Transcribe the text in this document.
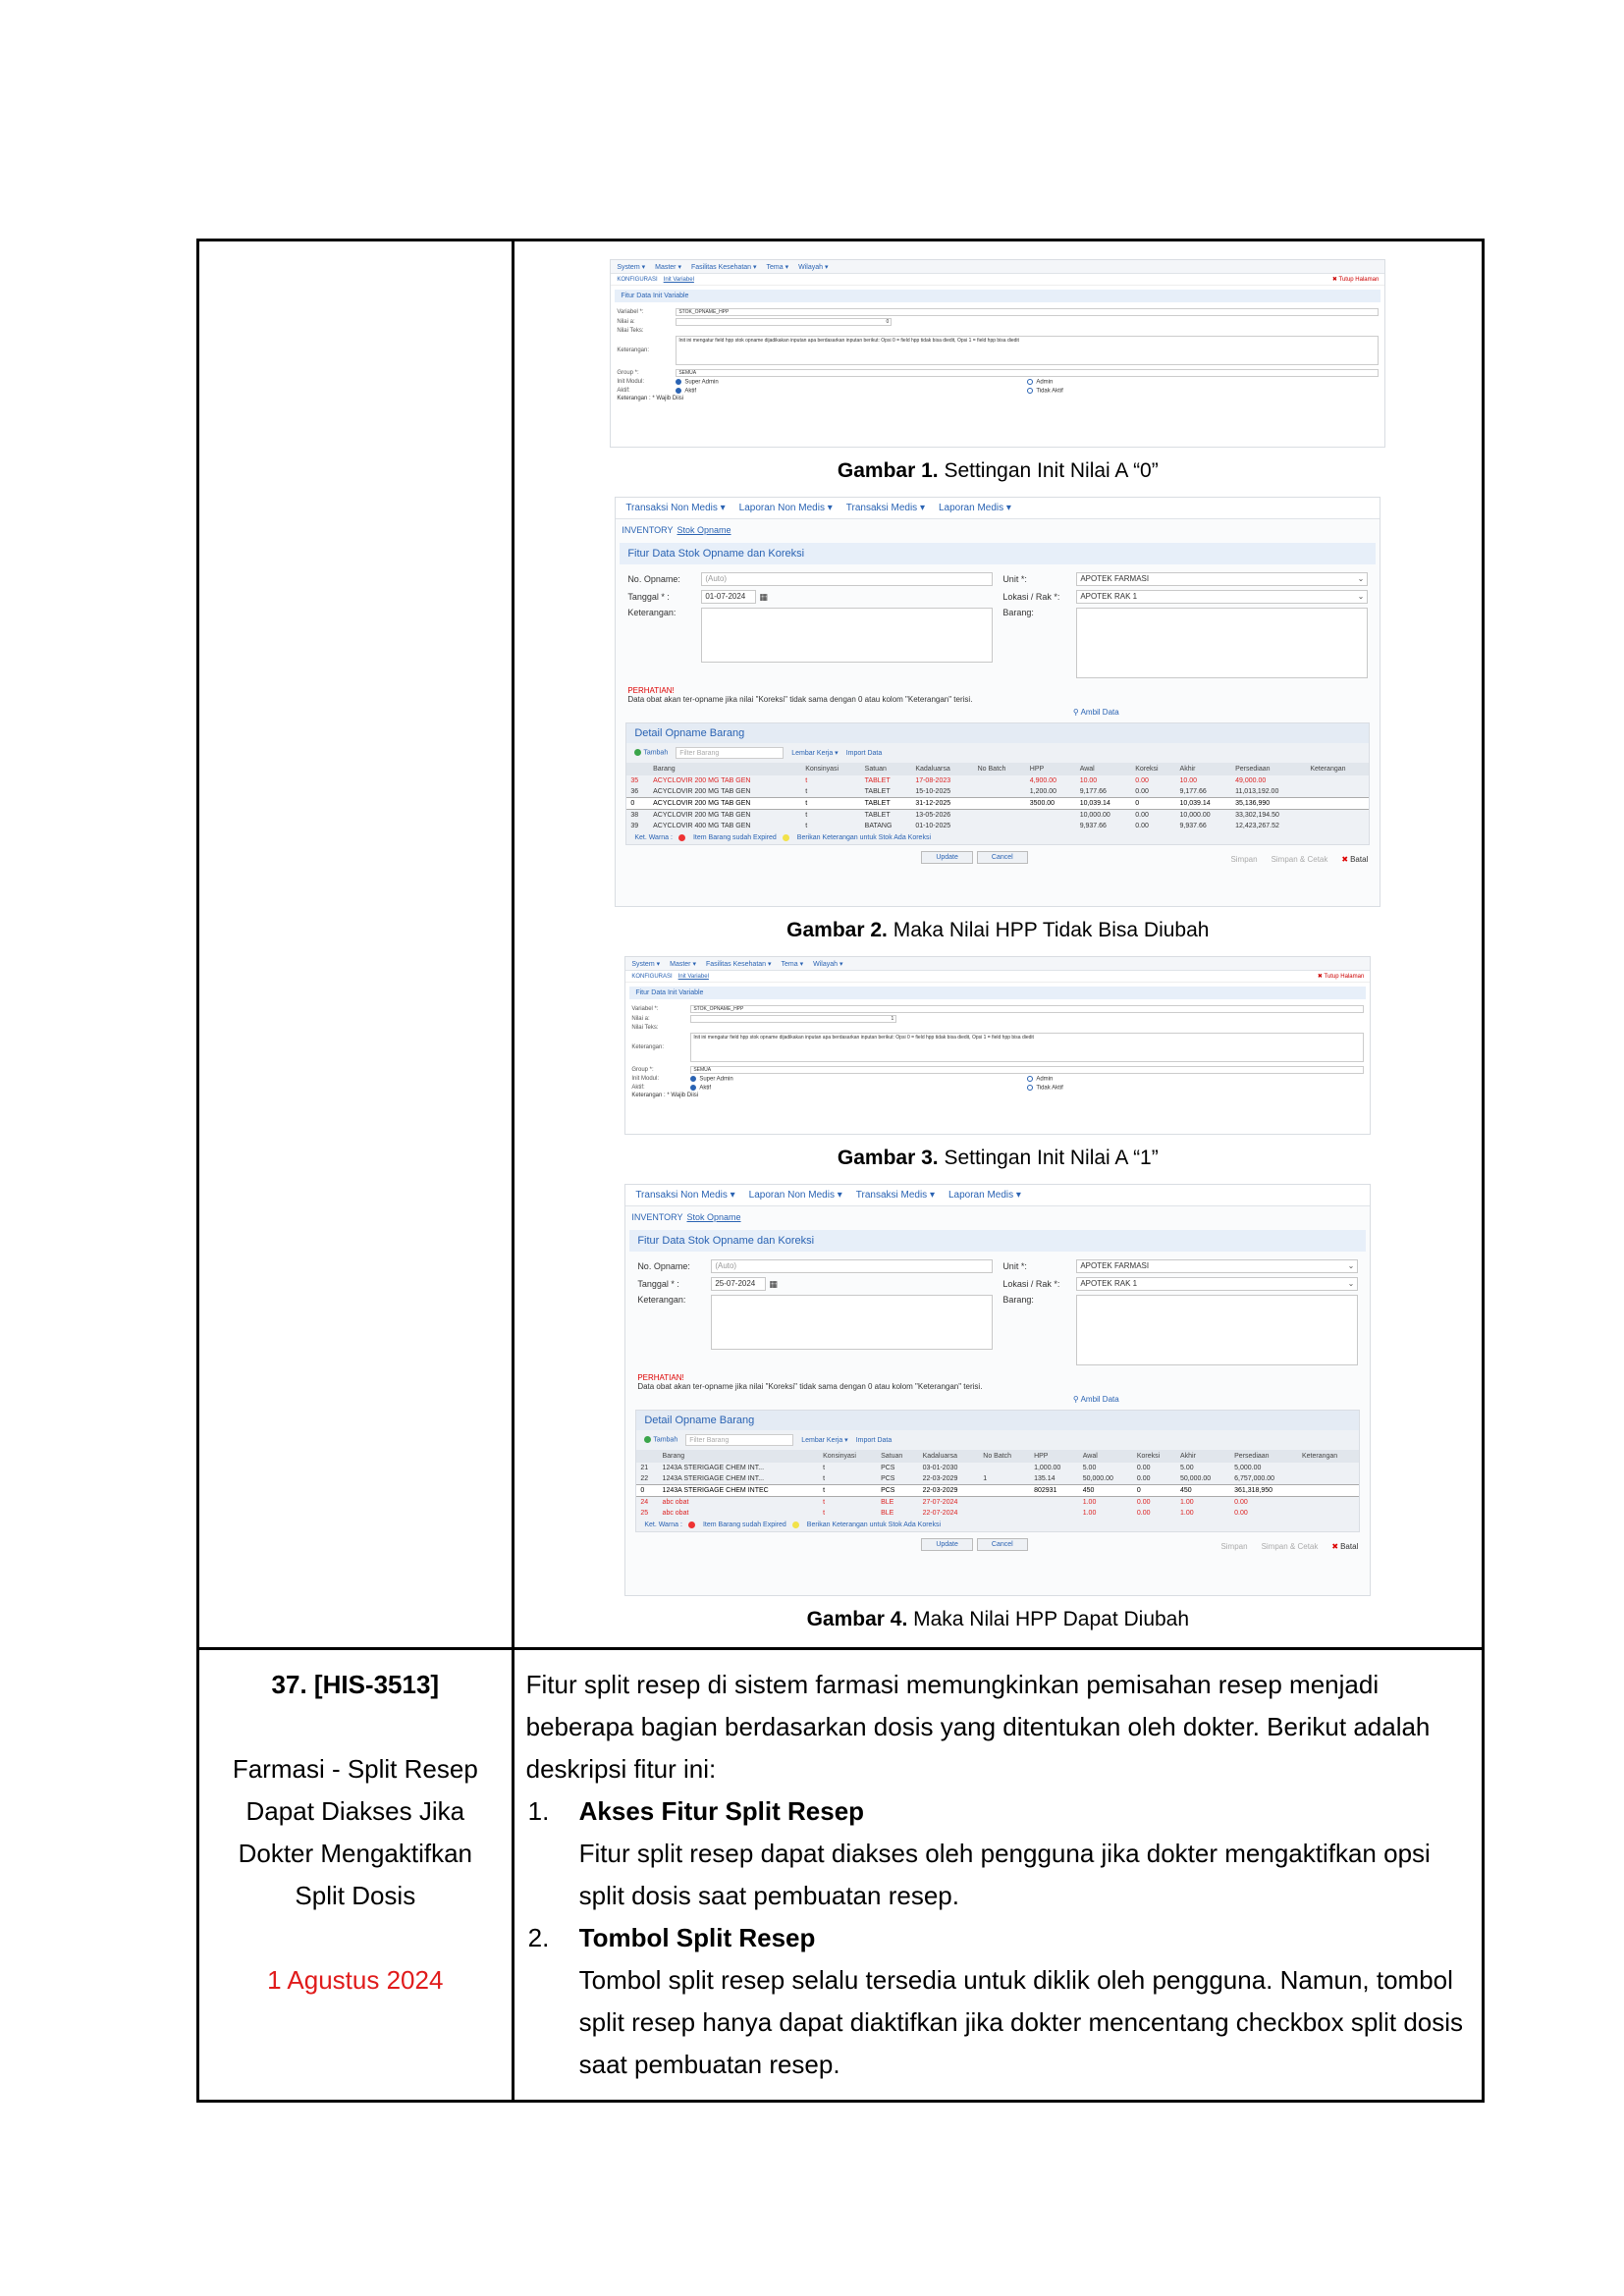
System ▾ Master ▾ Fasilitas Kesehatan ▾ Tema ▾ Wilayah ▾
KONFIGURASI Init Variabel	✖ Tutup Halaman
Fitur Data Init Variable
Variabel *:	STOK_OPNAME_HPP
Nilai a:	0
Nilai Teks:
Keterangan:
Init ini mengatur field hpp stok opname dijadikakan inputan apa berdasarkan inputan berikut: Opsi 0 = field hpp tidak bisa diedit, Opsi 1 = field hpp bisa diedit
Group *:	SEMUA
Init Modul:	Super Admin	Admin
Aktif:	Aktif	Tidak Aktif
Keterangan : * Wajib Diisi
Gambar 1. Settingan Init Nilai A “0”
Transaksi Non Medis ▾ Laporan Non Medis ▾ Transaksi Medis ▾ Laporan Medis ▾
INVENTORY Stok Opname
Fitur Data Stok Opname dan Koreksi
No. Opname:	(Auto)
Tanggal * :	01-07-2024	▦
Keterangan:
Unit *:	APOTEK FARMASI ⌄
Lokasi / Rak *:	APOTEK RAK 1 ⌄
Barang:
PERHATIAN!
Data obat akan ter-opname jika nilai "Koreksi" tidak sama dengan 0 atau kolom "Keterangan" terisi.
⚲ Ambil Data
Detail Opname Barang
Tambah	Filter Barang	Lembar Kerja ▾ Import Data
	Barang	Konsinyasi	Satuan	Kadaluarsa	No Batch	HPP	Awal	Koreksi	Akhir	Persediaan	Keterangan
35	ACYCLOVIR 200 MG TAB GEN	t	TABLET	17-08-2023		4,900.00	10.00	0.00	10.00	49,000.00	
36	ACYCLOVIR 200 MG TAB GEN	t	TABLET	15-10-2025		1,200.00	9,177.66	0.00	9,177.66	11,013,192.00	
0	ACYCLOVIR 200 MG TAB GEN	t	TABLET	31-12-2025		3500.00	10,039.14	0	10,039.14	35,136,990	
38	ACYCLOVIR 200 MG TAB GEN	t	TABLET	13-05-2026			10,000.00	0.00	10,000.00	33,302,194.50	
39	ACYCLOVIR 400 MG TAB GEN	t	BATANG	01-10-2025			9,937.66	0.00	9,937.66	12,423,267.52	
Update	Cancel
Ket. Warna :	Item Barang sudah Expired	Berikan Keterangan untuk Stok Ada Koreksi
Simpan Simpan & Cetak	✖ Batal
Gambar 2. Maka Nilai HPP Tidak Bisa Diubah
System ▾ Master ▾ Fasilitas Kesehatan ▾ Tema ▾ Wilayah ▾
KONFIGURASI Init Variabel	✖ Tutup Halaman
Fitur Data Init Variable
Variabel *:	STOK_OPNAME_HPP
Nilai a:	1
Nilai Teks:
Keterangan:
Init ini mengatur field hpp stok opname dijadikakan inputan apa berdasarkan inputan berikut: Opsi 0 = field hpp tidak bisa diedit, Opsi 1 = field hpp bisa diedit
Group *:	SEMUA
Init Modul:	Super Admin	Admin
Aktif:	Aktif	Tidak Aktif
Keterangan : * Wajib Diisi
Gambar 3. Settingan Init Nilai A “1”
Transaksi Non Medis ▾ Laporan Non Medis ▾ Transaksi Medis ▾ Laporan Medis ▾
INVENTORY Stok Opname
Fitur Data Stok Opname dan Koreksi
No. Opname:	(Auto)
Tanggal * :	25-07-2024	▦
Keterangan:
Unit *:	APOTEK FARMASI ⌄
Lokasi / Rak *:	APOTEK RAK 1 ⌄
Barang:
PERHATIAN!
Data obat akan ter-opname jika nilai "Koreksi" tidak sama dengan 0 atau kolom "Keterangan" terisi.
⚲ Ambil Data
Detail Opname Barang
Tambah	Filter Barang	Lembar Kerja ▾ Import Data
	Barang	Konsinyasi	Satuan	Kadaluarsa	No Batch	HPP	Awal	Koreksi	Akhir	Persediaan	Keterangan
21	1243A STERIGAGE CHEM INT...	t	PCS	03-01-2030		1,000.00	5.00	0.00	5.00	5,000.00	
22	1243A STERIGAGE CHEM INT...	t	PCS	22-03-2029	1	135.14	50,000.00	0.00	50,000.00	6,757,000.00	
0	1243A STERIGAGE CHEM INTEC	t	PCS	22-03-2029		802931	450	0	450	361,318,950	
24	abc obat	t	BLE	27-07-2024			1.00	0.00	1.00	0.00	
25	abc obat	t	BLE	22-07-2024			1.00	0.00	1.00	0.00	
Update	Cancel
Ket. Warna :	Item Barang sudah Expired	Berikan Keterangan untuk Stok Ada Koreksi
Simpan Simpan & Cetak	✖ Batal
Gambar 4. Maka Nilai HPP Dapat Diubah

37. [HIS-3513]
Farmasi - Split Resep
Dapat Diakses Jika
Dokter Mengaktifkan
Split Dosis
1 Agustus 2024

Fitur split resep di sistem farmasi memungkinkan pemisahan resep menjadi beberapa bagian berdasarkan dosis yang ditentukan oleh dokter. Berikut adalah deskripsi fitur ini:
1. Akses Fitur Split Resep
Fitur split resep dapat diakses oleh pengguna jika dokter mengaktifkan opsi split dosis saat pembuatan resep.
2. Tombol Split Resep
Tombol split resep selalu tersedia untuk diklik oleh pengguna. Namun, tombol split resep hanya dapat diaktifkan jika dokter mencentang checkbox split dosis saat pembuatan resep.
